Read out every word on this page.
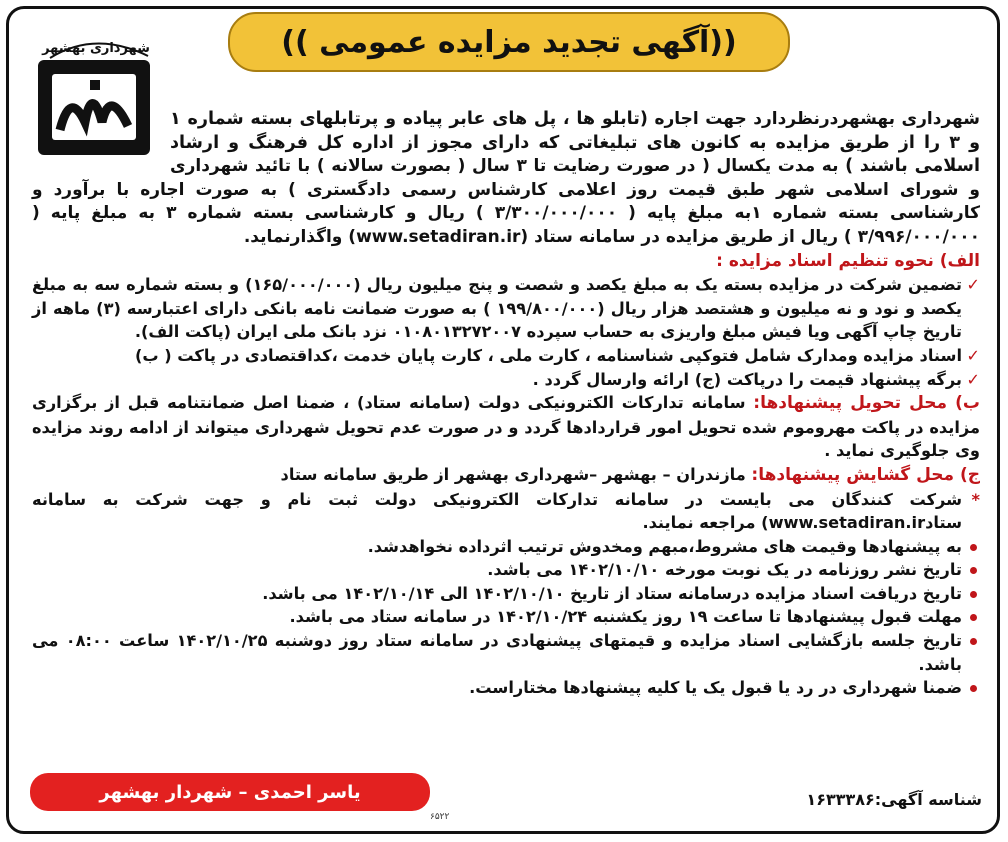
((آگهی تجدید مزایده عمومی ))
شهرداری بهشهر

شهرداری بهشهردرنظردارد جهت اجاره (تابلو ها ، پل های عابر پیاده و پرتابلهای بسته شماره ۱ و ۳ را از طریق مزایده به کانون های تبلیغاتی که دارای مجوز از اداره کل فرهنگ و ارشاد اسلامی باشند ) به مدت یکسال ( در صورت رضایت تا ۳ سال ( بصورت سالانه ) با تائید شهرداری و شورای اسلامی شهر طبق قیمت روز اعلامی کارشناس رسمی دادگستری ) به صورت اجاره با برآورد و کارشناسی بسته شماره ۱به مبلغ پایه ( ۳/۳۰۰/۰۰۰/۰۰۰ ) ریال و کارشناسی بسته شماره ۳ به مبلغ پایه ( ۳/۹۹۶/۰۰۰/۰۰۰ ) ریال از طریق مزایده در سامانه ستاد (www.setadiran.ir) واگذارنماید.

الف) نحوه تنظیم اسناد مزایده :

✓
تضمین شرکت در مزایده بسته یک به مبلغ یکصد و شصت و پنج میلیون ریال (۱۶۵/۰۰۰/۰۰۰) و بسته شماره سه به مبلغ یکصد و نود و نه میلیون و هشتصد هزار ریال (۱۹۹/۸۰۰/۰۰۰ ) به صورت ضمانت نامه بانکی دارای اعتبارسه (۳) ماهه از تاریخ چاپ آگهی ویا فیش مبلغ واریزی به حساب سپرده ۰۱۰۸۰۱۳۲۷۲۰۰۷ نزد بانک ملی ایران (پاکت الف).

✓
اسناد مزایده ومدارک شامل فتوکپی شناسنامه ، کارت ملی ، کارت پایان خدمت ،کداقتصادی در پاکت ( ب)

✓
برگه پیشنهاد قیمت را درپاکت (ج) ارائه وارسال گردد .

ب) محل تحویل پیشنهادها: سامانه تدارکات الکترونیکی دولت (سامانه ستاد) ، ضمنا اصل ضمانتنامه قبل از برگزاری مزایده در پاکت مهروموم شده تحویل امور قراردادها گردد و در صورت عدم تحویل شهرداری میتواند از ادامه روند مزایده وی جلوگیری نماید .

ج) محل گشایش پیشنهادها: مازندران – بهشهر –شهرداری بهشهر از طریق سامانه ستاد

*
شرکت کنندگان می بایست در سامانه تدارکات الکترونیکی دولت ثبت نام و جهت شرکت به سامانه ستاد(www.setadiran.ir مراجعه نمایند.

به پیشنهادها وقیمت های مشروط،مبهم ومخدوش ترتیب اثرداده نخواهدشد.

تاریخ نشر روزنامه در یک نوبت مورخه ۱۴۰۲/۱۰/۱۰ می باشد.

تاریخ دریافت اسناد مزایده درسامانه ستاد از تاریخ ۱۴۰۲/۱۰/۱۰ الی ۱۴۰۲/۱۰/۱۴ می باشد.

مهلت قبول پیشنهادها تا ساعت ۱۹ روز یکشنبه ۱۴۰۲/۱۰/۲۴ در سامانه ستاد می باشد.

تاریخ جلسه بازگشایی اسناد مزایده و قیمتهای پیشنهادی در سامانه ستاد روز دوشنبه ۱۴۰۲/۱۰/۲۵ ساعت ۰۸:۰۰ می باشد.

ضمنا شهرداری در رد یا قبول یک یا کلیه پیشنهادها مختاراست.

شناسه آگهی:۱۶۳۳۳۸۶
یاسر احمدی – شهردار بهشهر
۶۵۲۲
